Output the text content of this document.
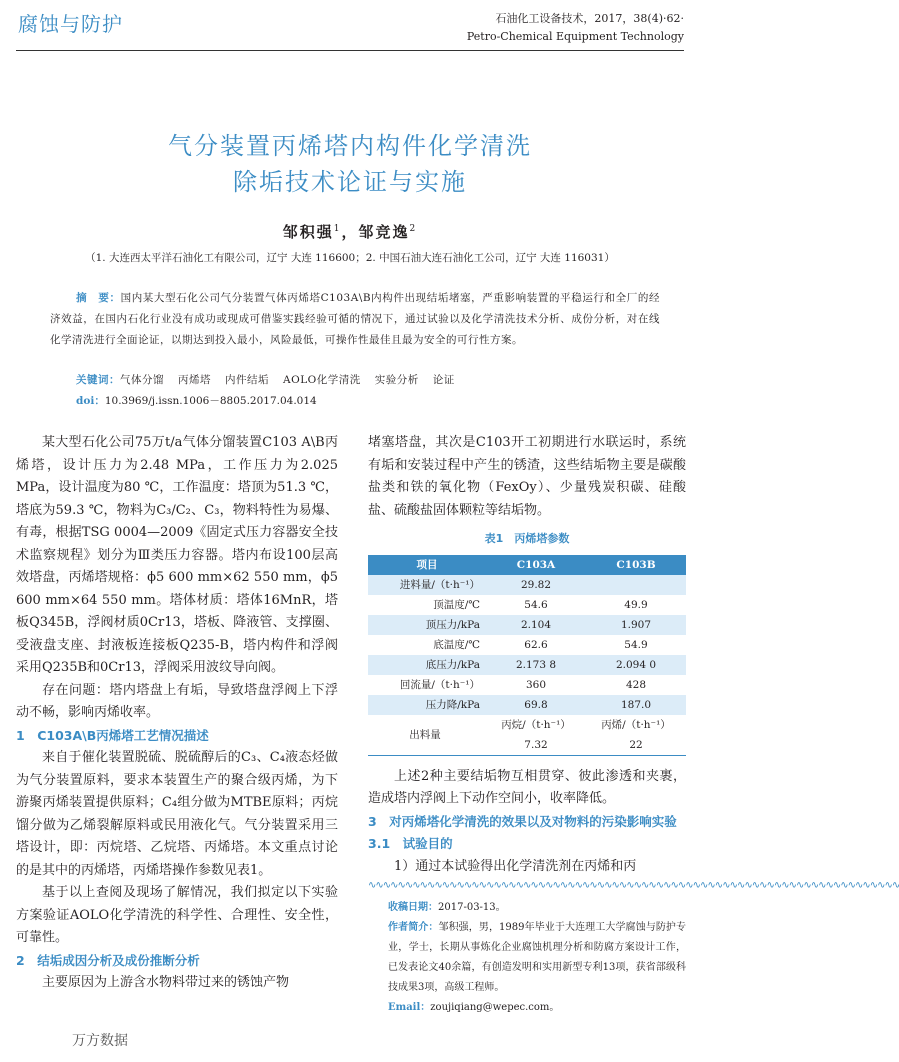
腐蚀与防护	石油化工设备技术，2017，38(4)·62·
Petro-Chemical Equipment Technology
气分装置丙烯塔内构件化学清洗
除垢技术论证与实施
邹积强$^1$，邹竞逸$^2$
（1. 大连西太平洋石油化工有限公司，辽宁 大连 116600；2. 中国石油大连石油化工公司，辽宁 大连 116031）
摘　要：国内某大型石化公司气分装置气体丙烯塔C103A\B内构件出现结垢堵塞，严重影响装置的平稳运行和全厂的经济效益，在国内石化行业没有成功或现成可借鉴实践经验可循的情况下，通过试验以及化学清洗技术分析、成份分析，对在线化学清洗进行全面论证，以期达到投入最小，风险最低，可操作性最佳且最为安全的可行性方案。
关键词：气体分馏 丙烯塔 内件结垢 AOLO化学清洗 实验分析 论证
doi：10.3969/j.issn.1006－8805.2017.04.014

某大型石化公司75万t/a气体分馏装置C103 A\B丙烯塔，设计压力为2.48 MPa，工作压力为2.025 MPa，设计温度为80 ℃，工作温度：塔顶为51.3 ℃，塔底为59.3 ℃，物料为C₃/C₂、C₃，物料特性为易爆、有毒，根据TSG 0004—2009《固定式压力容器安全技术监察规程》划分为Ⅲ类压力容器。塔内布设100层高效塔盘，丙烯塔规格：ϕ5 600 mm×62 550 mm，ϕ5 600 mm×64 550 mm。塔体材质：塔体16MnR，塔板Q345B，浮阀材质0Cr13，塔板、降液管、支撑圈、受液盘支座、封液板连接板Q235-B，塔内构件和浮阀采用Q235B和0Cr13，浮阀采用波纹导向阀。

存在问题：塔内塔盘上有垢，导致塔盘浮阀上下浮动不畅，影响丙烯收率。

1　C103A\B丙烯塔工艺情况描述

来自于催化装置脱硫、脱硫醇后的C₃、C₄液态烃做为气分装置原料，要求本装置生产的聚合级丙烯，为下游聚丙烯装置提供原料；C₄组分做为MTBE原料；丙烷馏分做为乙烯裂解原料或民用液化气。气分装置采用三塔设计，即：丙烷塔、乙烷塔、丙烯塔。本文重点讨论的是其中的丙烯塔，丙烯塔操作参数见表1。

基于以上查阅及现场了解情况，我们拟定以下实验方案验证AOLO化学清洗的科学性、合理性、安全性，可靠性。

2　结垢成因分析及成份推断分析

主要原因为上游含水物料带过来的锈蚀产物

堵塞塔盘，其次是C103开工初期进行水联运时，系统有垢和安装过程中产生的锈渣，这些结垢物主要是碳酸盐类和铁的氧化物（FexOy）、少量残炭积碳、硅酸盐、硫酸盐固体颗粒等结垢物。

表1　丙烯塔参数
项目	C103A	C103B
进料量/（t·h⁻¹）	29.82	
顶温度/℃	54.6	49.9
顶压力/kPa	2.104	1.907
底温度/℃	62.6	54.9
底压力/kPa	2.173 8	2.094 0
回流量/（t·h⁻¹）	360	428
压力降/kPa	69.8	187.0
出料量	丙烷/（t·h⁻¹）	丙烯/（t·h⁻¹）
	7.32	22

上述2种主要结垢物互相贯穿、彼此渗透和夹裹，造成塔内浮阀上下动作空间小，收率降低。

3　对丙烯塔化学清洗的效果以及对物料的污染影响实验

3.1　试验目的

1）通过本试验得出化学清洗剂在丙烯和丙

∿∿∿∿∿∿∿∿∿∿∿∿∿∿∿∿∿∿∿∿∿∿∿∿∿∿∿∿∿∿∿∿∿∿∿∿∿∿∿∿∿∿∿∿∿∿∿∿∿∿∿∿∿∿∿∿∿∿∿∿∿∿∿∿∿∿∿∿∿∿∿∿
收稿日期：2017-03-13。
作者简介：邹积强，男，1989年毕业于大连理工大学腐蚀与防护专业，学士，长期从事炼化企业腐蚀机理分析和防腐方案设计工作，已发表论文40余篇，有创造发明和实用新型专利13项，获省部级科技成果3项，高级工程师。
Email：zoujiqiang@wepec.com。
万方数据
